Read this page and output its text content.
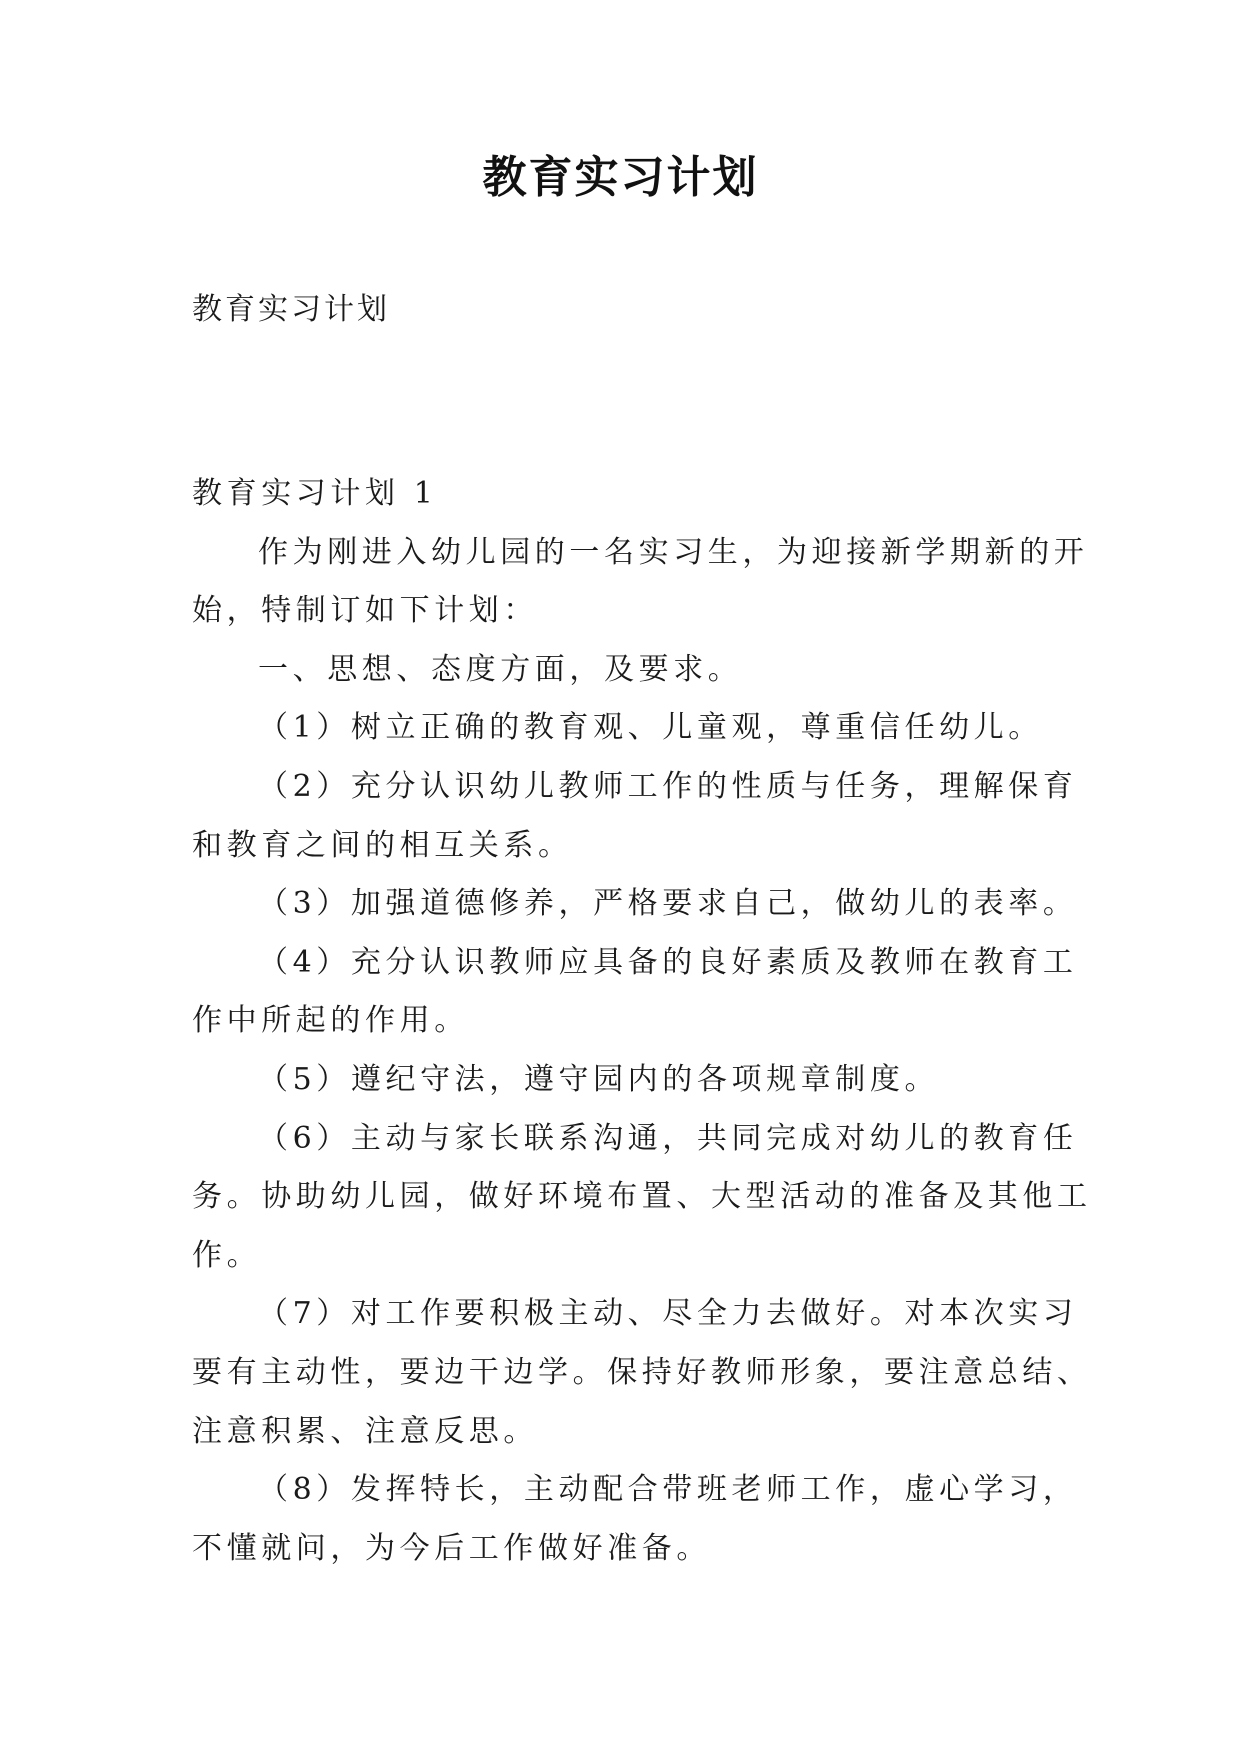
教育实习计划
教育实习计划
教育实习计划 1
作为刚进入幼儿园的一名实习生，为迎接新学期新的开
始，特制订如下计划：
一、思想、态度方面，及要求。
（1）树立正确的教育观、儿童观，尊重信任幼儿。
（2）充分认识幼儿教师工作的性质与任务，理解保育
和教育之间的相互关系。
（3）加强道德修养，严格要求自己，做幼儿的表率。
（4）充分认识教师应具备的良好素质及教师在教育工
作中所起的作用。
（5）遵纪守法，遵守园内的各项规章制度。
（6）主动与家长联系沟通，共同完成对幼儿的教育任
务。协助幼儿园，做好环境布置、大型活动的准备及其他工
作。
（7）对工作要积极主动、尽全力去做好。对本次实习
要有主动性，要边干边学。保持好教师形象，要注意总结、
注意积累、注意反思。
（8）发挥特长，主动配合带班老师工作，虚心学习，
不懂就问，为今后工作做好准备。
